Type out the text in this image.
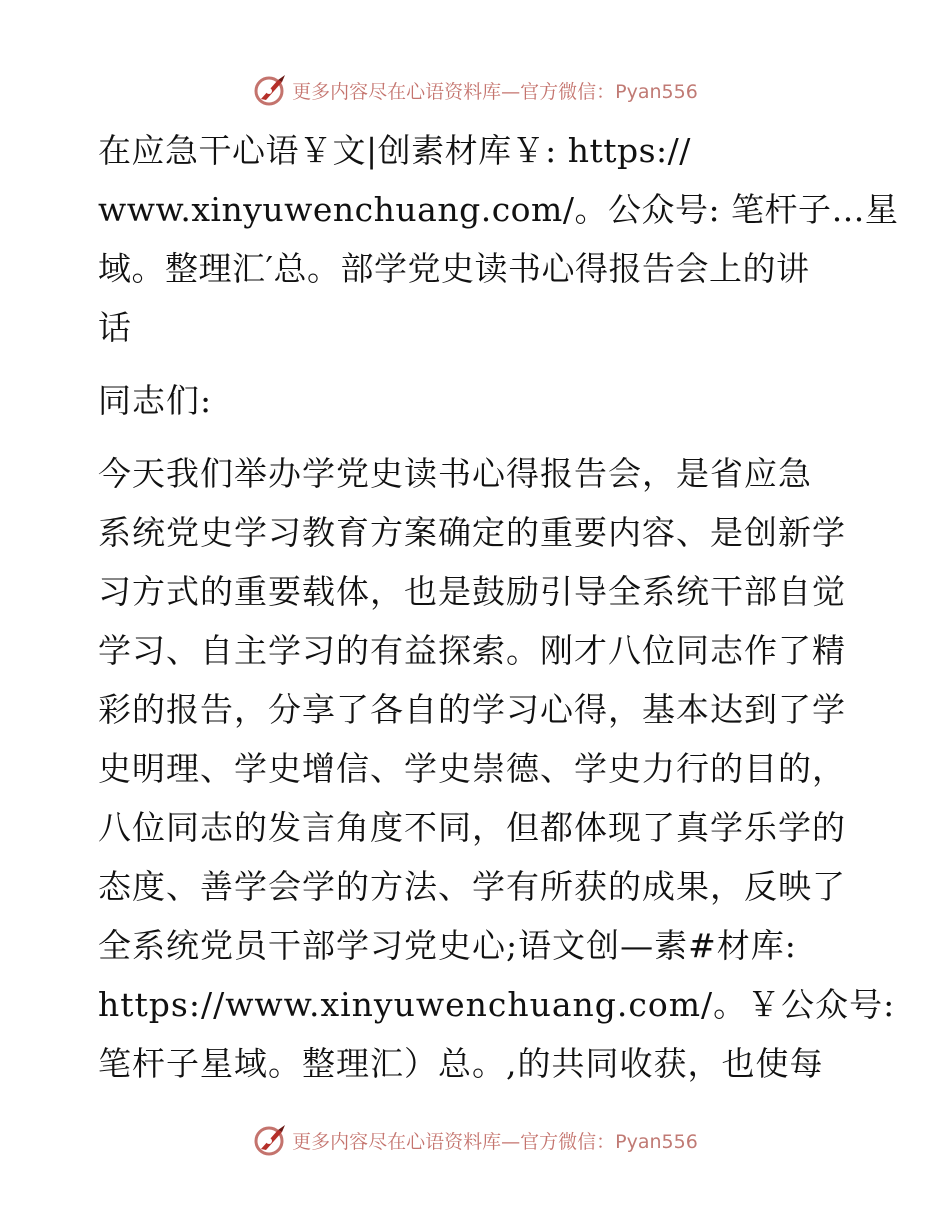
更多内容尽在心语资料库—官方微信：Pyan556

在应急干心语￥文|创素材库￥: https://
www.xinyuwenchuang.com/。公众号: 笔杆子…星
域。整理汇′总。部学党史读书心得报告会上的讲
话

同志们:

今天我们举办学党史读书心得报告会，是省应急
系统党史学习教育方案确定的重要内容、是创新学
习方式的重要载体，也是鼓励引导全系统干部自觉
学习、自主学习的有益探索。刚才八位同志作了精
彩的报告，分享了各自的学习心得，基本达到了学
史明理、学史增信、学史崇德、学史力行的目的，
八位同志的发言角度不同，但都体现了真学乐学的
态度、善学会学的方法、学有所获的成果，反映了
全系统党员干部学习党史心;语文创—素#材库:
https://www.xinyuwenchuang.com/。￥公众号:
笔杆子星域。整理汇）总。,的共同收获，也使每

更多内容尽在心语资料库—官方微信：Pyan556
